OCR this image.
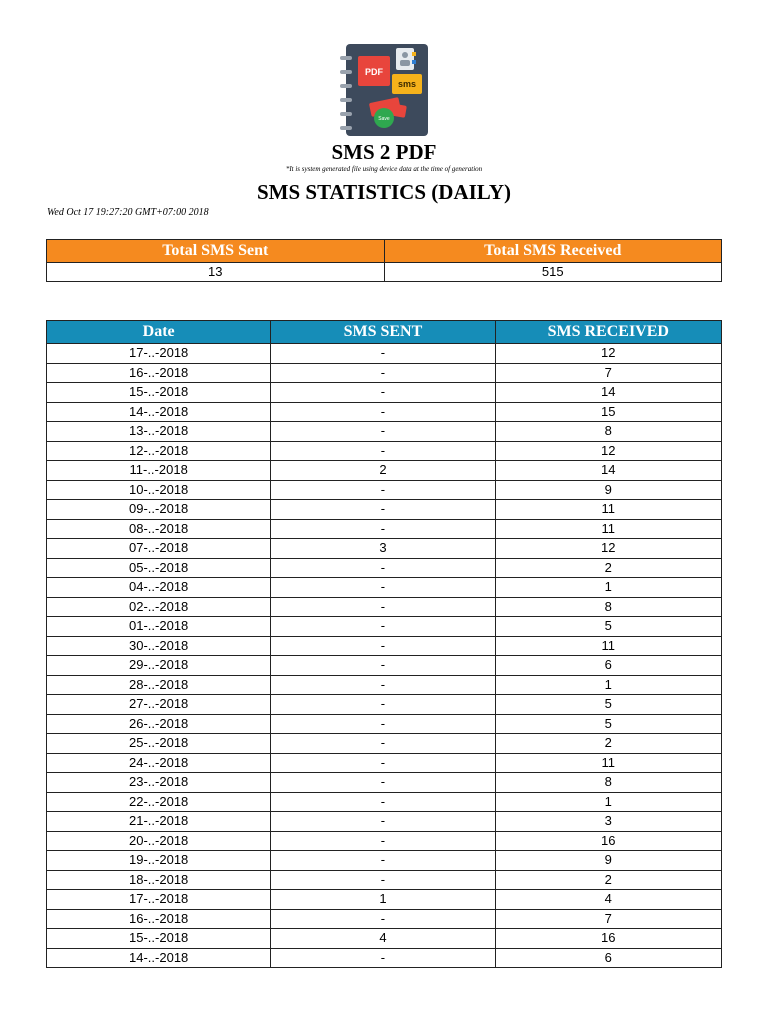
PDF
sms
Save
SMS 2 PDF
*It is system generated file using device data at the time of generation
SMS STATISTICS (DAILY)
Wed Oct 17 19:27:20 GMT+07:00 2018
Total SMS Sent	Total SMS Received
13	515
Date	SMS SENT	SMS RECEIVED
17-..-2018	-	12
16-..-2018	-	7
15-..-2018	-	14
14-..-2018	-	15
13-..-2018	-	8
12-..-2018	-	12
11-..-2018	2	14
10-..-2018	-	9
09-..-2018	-	11
08-..-2018	-	11
07-..-2018	3	12
05-..-2018	-	2
04-..-2018	-	1
02-..-2018	-	8
01-..-2018	-	5
30-..-2018	-	11
29-..-2018	-	6
28-..-2018	-	1
27-..-2018	-	5
26-..-2018	-	5
25-..-2018	-	2
24-..-2018	-	11
23-..-2018	-	8
22-..-2018	-	1
21-..-2018	-	3
20-..-2018	-	16
19-..-2018	-	9
18-..-2018	-	2
17-..-2018	1	4
16-..-2018	-	7
15-..-2018	4	16
14-..-2018	-	6
